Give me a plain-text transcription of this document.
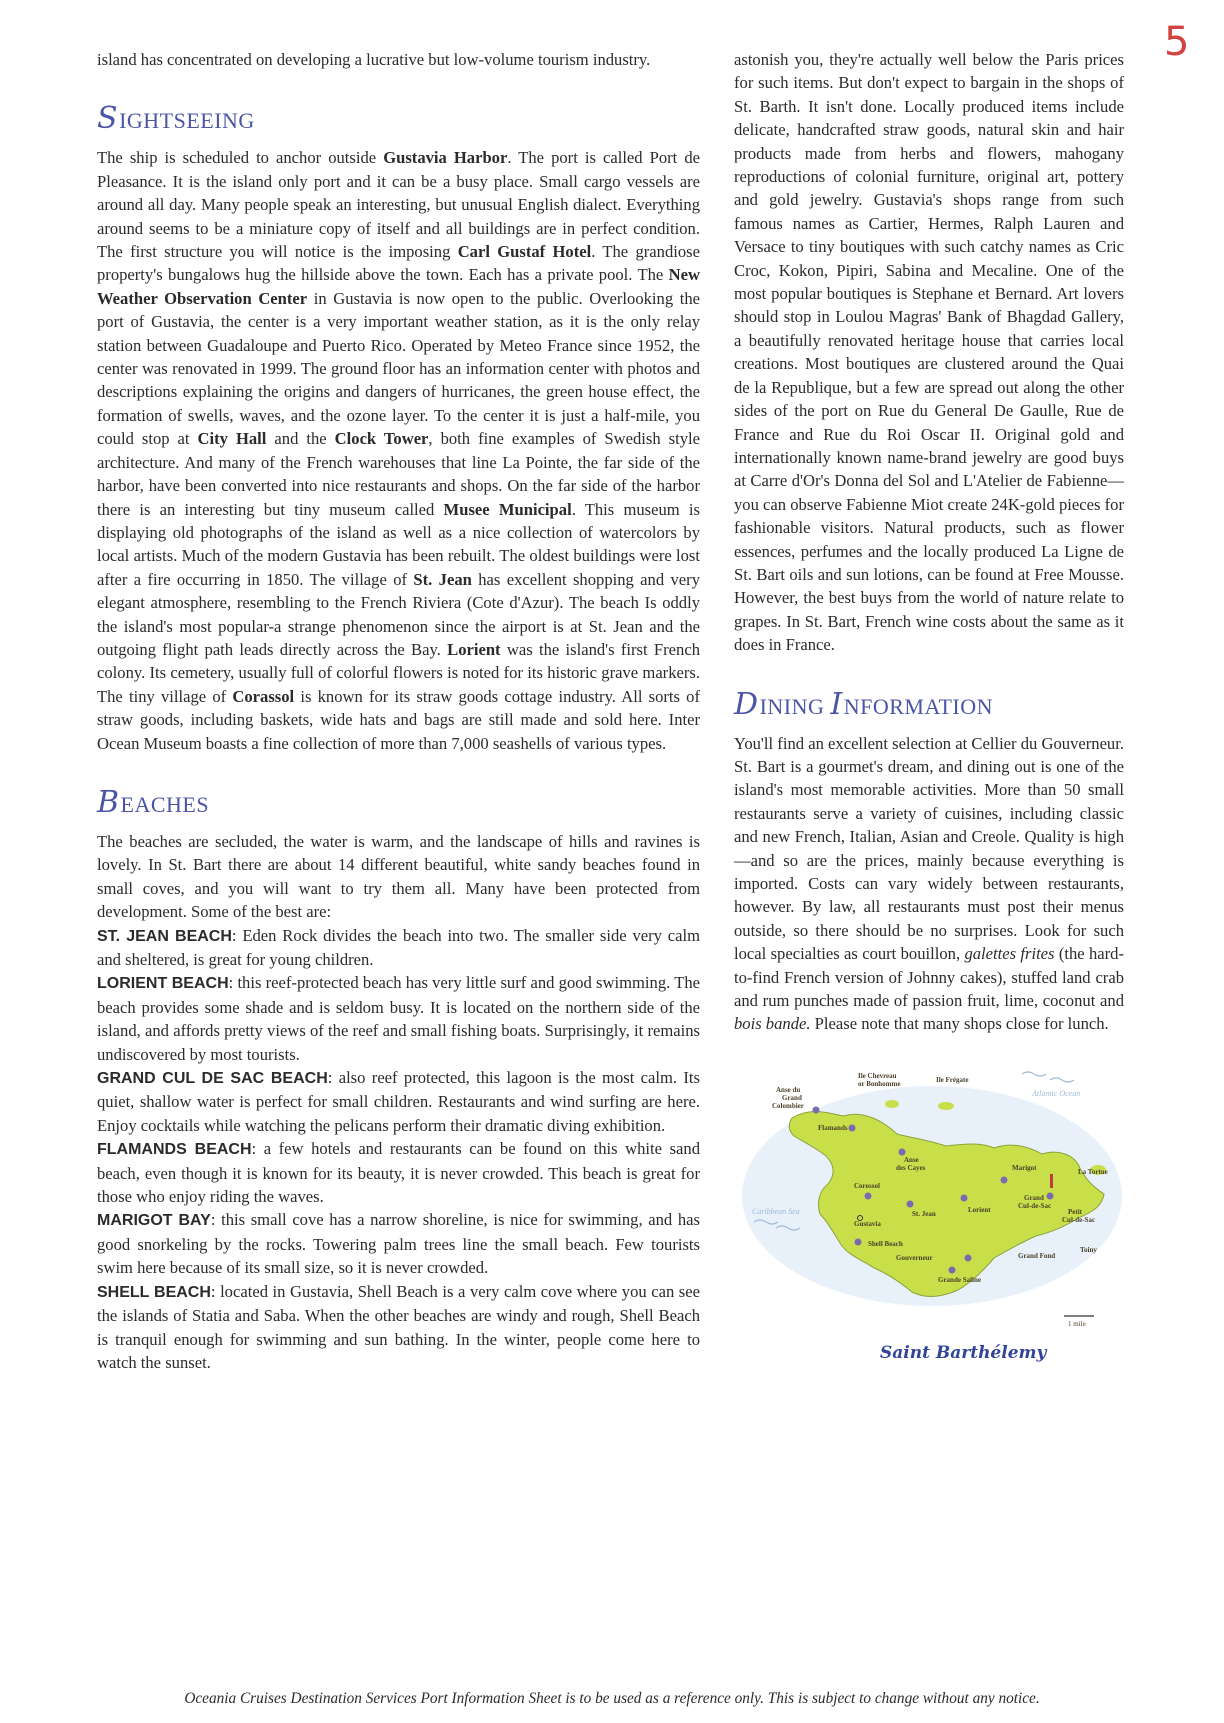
5

island has concentrated on developing a lucrative but low-volume tourism industry.

SIGHTSEEING

The ship is scheduled to anchor outside Gustavia Harbor. The port is called Port de Pleasance. It is the island only port and it can be a busy place. Small cargo vessels are around all day. Many people speak an interesting, but unusual English dialect. Everything around seems to be a miniature copy of itself and all buildings are in perfect condition. The first structure you will notice is the imposing Carl Gustaf Hotel. The grandiose property's bungalows hug the hillside above the town. Each has a private pool. The New Weather Observation Center in Gustavia is now open to the public. Overlooking the port of Gustavia, the center is a very important weather station, as it is the only relay station between Guadaloupe and Puerto Rico. Operated by Meteo France since 1952, the center was renovated in 1999. The ground floor has an information center with photos and descriptions explaining the origins and dangers of hurricanes, the green house effect, the formation of swells, waves, and the ozone layer. To the center it is just a half-mile, you could stop at City Hall and the Clock Tower, both fine examples of Swedish style architecture. And many of the French warehouses that line La Pointe, the far side of the harbor, have been converted into nice restaurants and shops. On the far side of the harbor there is an interesting but tiny museum called Musee Municipal. This museum is displaying old photographs of the island as well as a nice collection of watercolors by local artists. Much of the modern Gustavia has been rebuilt. The oldest buildings were lost after a fire occurring in 1850. The village of St. Jean has excellent shopping and very elegant atmosphere, resembling to the French Riviera (Cote d'Azur). The beach Is oddly the island's most popular-a strange phenomenon since the airport is at St. Jean and the outgoing flight path leads directly across the Bay. Lorient was the island's first French colony. Its cemetery, usually full of colorful flowers is noted for its historic grave markers. The tiny village of Corassol is known for its straw goods cottage industry. All sorts of straw goods, including baskets, wide hats and bags are still made and sold here. Inter Ocean Museum boasts a fine collection of more than 7,000 seashells of various types.

BEACHES

The beaches are secluded, the water is warm, and the landscape of hills and ravines is lovely. In St. Bart there are about 14 different beautiful, white sandy beaches found in small coves, and you will want to try them all. Many have been protected from development. Some of the best are:

ST. JEAN BEACH: Eden Rock divides the beach into two. The smaller side very calm and sheltered, is great for young children.

LORIENT BEACH: this reef-protected beach has very little surf and good swimming. The beach provides some shade and is seldom busy. It is located on the northern side of the island, and affords pretty views of the reef and small fishing boats. Surprisingly, it remains undiscovered by most tourists.

GRAND CUL DE SAC BEACH: also reef protected, this lagoon is the most calm. Its quiet, shallow water is perfect for small children. Restaurants and wind surfing are here. Enjoy cocktails while watching the pelicans perform their dramatic diving exhibition.

FLAMANDS BEACH: a few hotels and restaurants can be found on this white sand beach, even though it is known for its beauty, it is never crowded. This beach is great for those who enjoy riding the waves.

MARIGOT BAY: this small cove has a narrow shoreline, is nice for swimming, and has good snorkeling by the rocks. Towering palm trees line the small beach. Few tourists swim here because of its small size, so it is never crowded.

SHELL BEACH: located in Gustavia, Shell Beach is a very calm cove where you can see the islands of Statia and Saba. When the other beaches are windy and rough, Shell Beach is tranquil enough for swimming and sun bathing. In the winter, people come here to watch the sunset.

astonish you, they're actually well below the Paris prices for such items. But don't expect to bargain in the shops of St. Barth. It isn't done. Locally produced items include delicate, handcrafted straw goods, natural skin and hair products made from herbs and flowers, mahogany reproductions of colonial furniture, original art, pottery and gold jewelry. Gustavia's shops range from such famous names as Cartier, Hermes, Ralph Lauren and Versace to tiny boutiques with such catchy names as Cric Croc, Kokon, Pipiri, Sabina and Mecaline. One of the most popular boutiques is Stephane et Bernard. Art lovers should stop in Loulou Magras' Bank of Bhagdad Gallery, a beautifully renovated heritage house that carries local creations. Most boutiques are clustered around the Quai de la Republique, but a few are spread out along the other sides of the port on Rue du General De Gaulle, Rue de France and Rue du Roi Oscar II. Original gold and internationally known name-brand jewelry are good buys at Carre d'Or's Donna del Sol and L'Atelier de Fabienne—you can observe Fabienne Miot create 24K-gold pieces for fashionable visitors. Natural products, such as flower essences, perfumes and the locally produced La Ligne de St. Bart oils and sun lotions, can be found at Free Mousse. However, the best buys from the world of nature relate to grapes. In St. Bart, French wine costs about the same as it does in France.

DINING INFORMATION

You'll find an excellent selection at Cellier du Gouverneur. St. Bart is a gourmet's dream, and dining out is one of the island's most memorable activities. More than 50 small restaurants serve a variety of cuisines, including classic and new French, Italian, Asian and Creole. Quality is high—and so are the prices, mainly because everything is imported. Costs can vary widely between restaurants, however. By law, all restaurants must post their menus outside, so there should be no surprises. Look for such local specialties as court bouillon, galettes frites (the hard-to-find French version of Johnny cakes), stuffed land crab and rum punches made of passion fruit, lime, coconut and bois bande. Please note that many shops close for lunch.

Atlantic Ocean
Caribbean Sea
Anse du
Grand
Colombier
Ile Chevreau
or Bonhomme	Ile Frégate
Flamands
Anse
des Cayes	Marigot	La Tortue
Corossol
Grand
Cul-de-Sac
Petit
Cul-de-Sac
St. Jean	Lorient
Gustavia
Shell Beach
Toiny
Gouverneur	Grand Fond
Grande Saline
1 mile
Saint Barthélemy
Oceania Cruises Destination Services Port Information Sheet is to be used as a reference only. This is subject to change without any notice.
